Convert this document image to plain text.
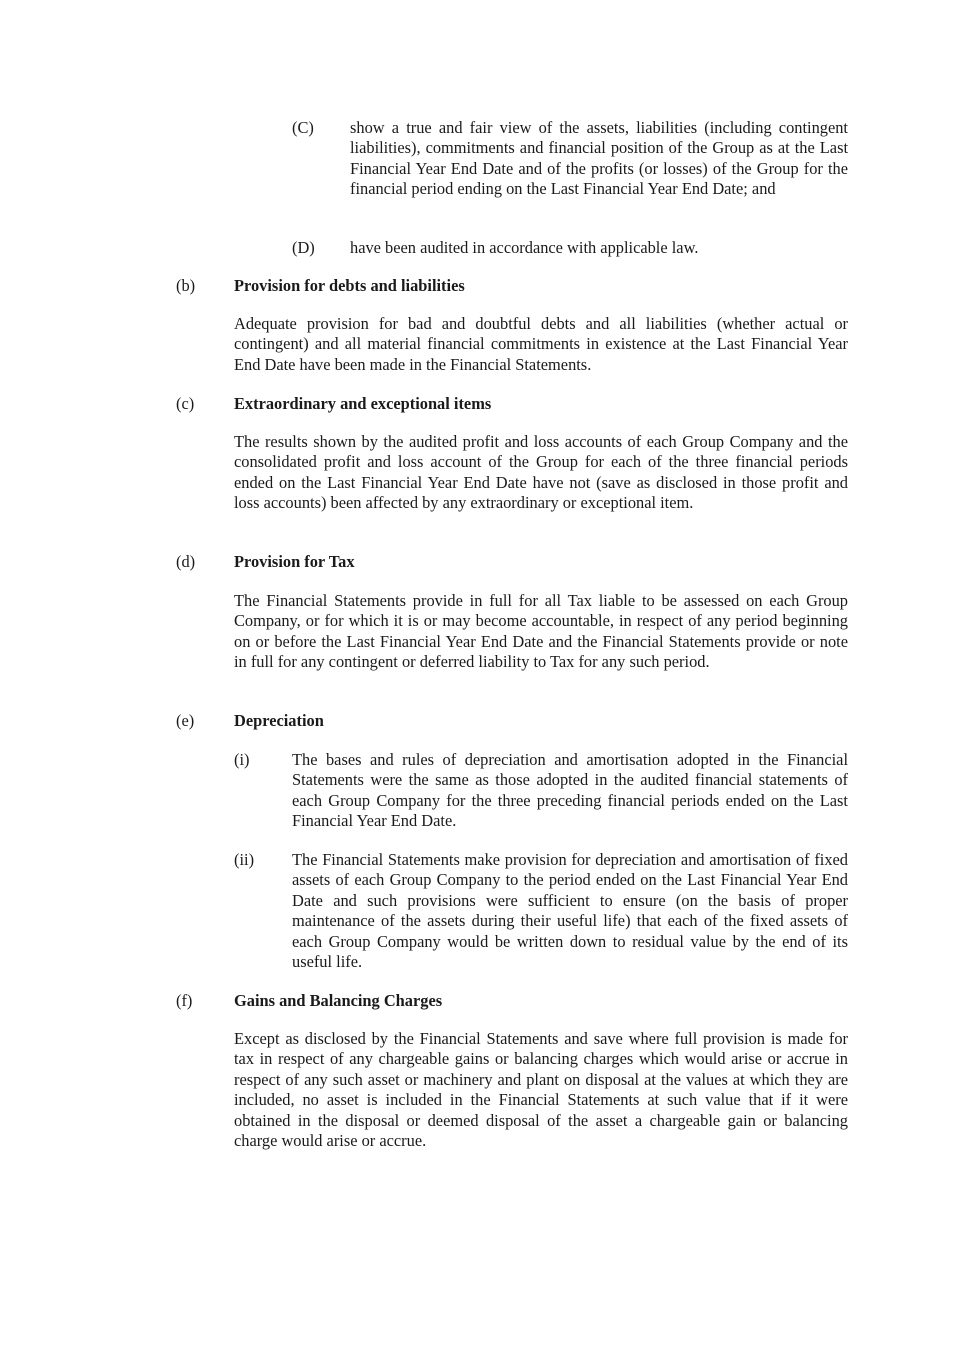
(C) show a true and fair view of the assets, liabilities (including contingent liabilities), commitments and financial position of the Group as at the Last Financial Year End Date and of the profits (or losses) of the Group for the financial period ending on the Last Financial Year End Date; and
(D) have been audited in accordance with applicable law.
(b) Provision for debts and liabilities
Adequate provision for bad and doubtful debts and all liabilities (whether actual or contingent) and all material financial commitments in existence at the Last Financial Year End Date have been made in the Financial Statements.
(c) Extraordinary and exceptional items
The results shown by the audited profit and loss accounts of each Group Company and the consolidated profit and loss account of the Group for each of the three financial periods ended on the Last Financial Year End Date have not (save as disclosed in those profit and loss accounts) been affected by any extraordinary or exceptional item.
(d) Provision for Tax
The Financial Statements provide in full for all Tax liable to be assessed on each Group Company, or for which it is or may become accountable, in respect of any period beginning on or before the Last Financial Year End Date and the Financial Statements provide or note in full for any contingent or deferred liability to Tax for any such period.
(e) Depreciation
(i)	The bases and rules of depreciation and amortisation adopted in the Financial Statements were the same as those adopted in the audited financial statements of each Group Company for the three preceding financial periods ended on the Last Financial Year End Date.
(ii) The Financial Statements make provision for depreciation and amortisation of fixed assets of each Group Company to the period ended on the Last Financial Year End Date and such provisions were sufficient to ensure (on the basis of proper maintenance of the assets during their useful life) that each of the fixed assets of each Group Company would be written down to residual value by the end of its useful life.
(f)	Gains and Balancing Charges
Except as disclosed by the Financial Statements and save where full provision is made for tax in respect of any chargeable gains or balancing charges which would arise or accrue in respect of any such asset or machinery and plant on disposal at the values at which they are included, no asset is included in the Financial Statements at such value that if it were obtained in the disposal or deemed disposal of the asset a chargeable gain or balancing charge would arise or accrue.
